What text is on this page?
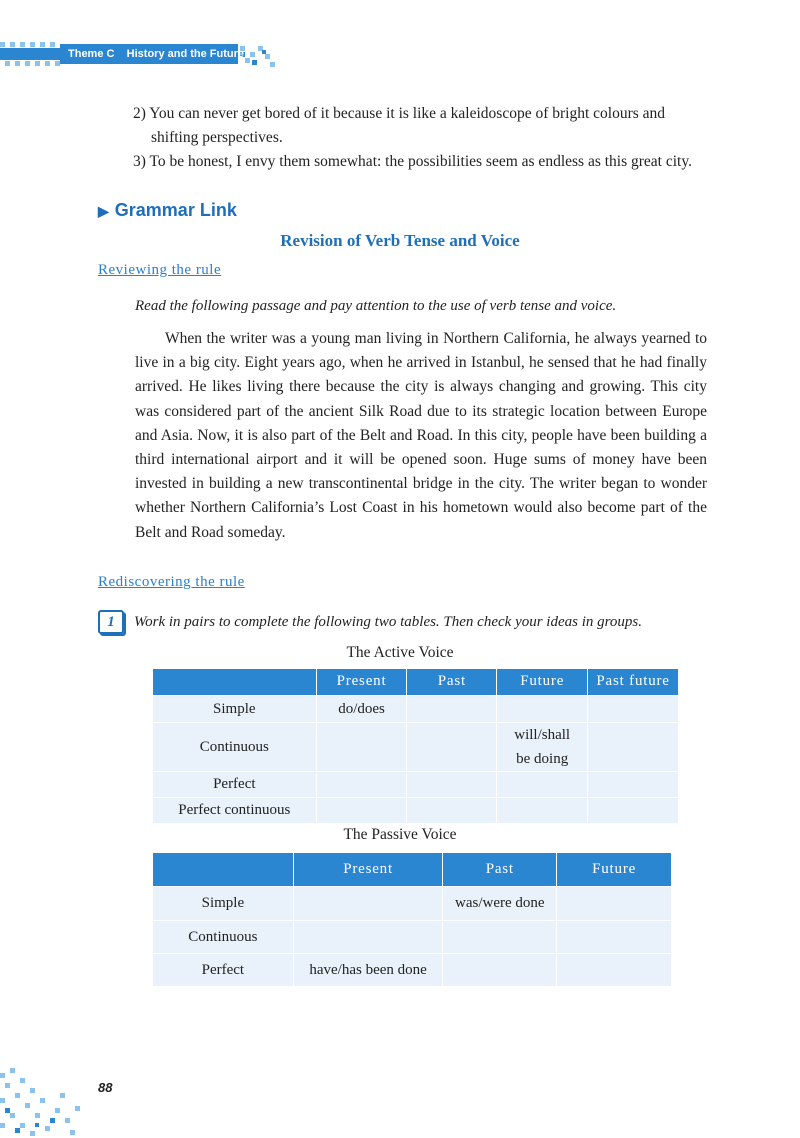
Theme C    History and the Future
2) You can never get bored of it because it is like a kaleidoscope of bright colours and shifting perspectives.
3) To be honest, I envy them somewhat: the possibilities seem as endless as this great city.
▶ Grammar Link
Revision of Verb Tense and Voice
Reviewing the rule
Read the following passage and pay attention to the use of verb tense and voice.
When the writer was a young man living in Northern California, he always yearned to live in a big city. Eight years ago, when he arrived in Istanbul, he sensed that he had finally arrived. He likes living there because the city is always changing and growing. This city was considered part of the ancient Silk Road due to its strategic location between Europe and Asia. Now, it is also part of the Belt and Road. In this city, people have been building a third international airport and it will be opened soon. Huge sums of money have been invested in building a new transcontinental bridge in the city. The writer began to wonder whether Northern California’s Lost Coast in his hometown would also become part of the Belt and Road someday.
Rediscovering the rule
1	Work in pairs to complete the following two tables. Then check your ideas in groups.
The Active Voice
	Present	Past	Future	Past future
Simple	do/does			
Continuous			will/shall be doing	
Perfect				
Perfect continuous				
The Passive Voice
	Present	Past	Future
Simple		was/were done	
Continuous			
Perfect	have/has been done		
88
